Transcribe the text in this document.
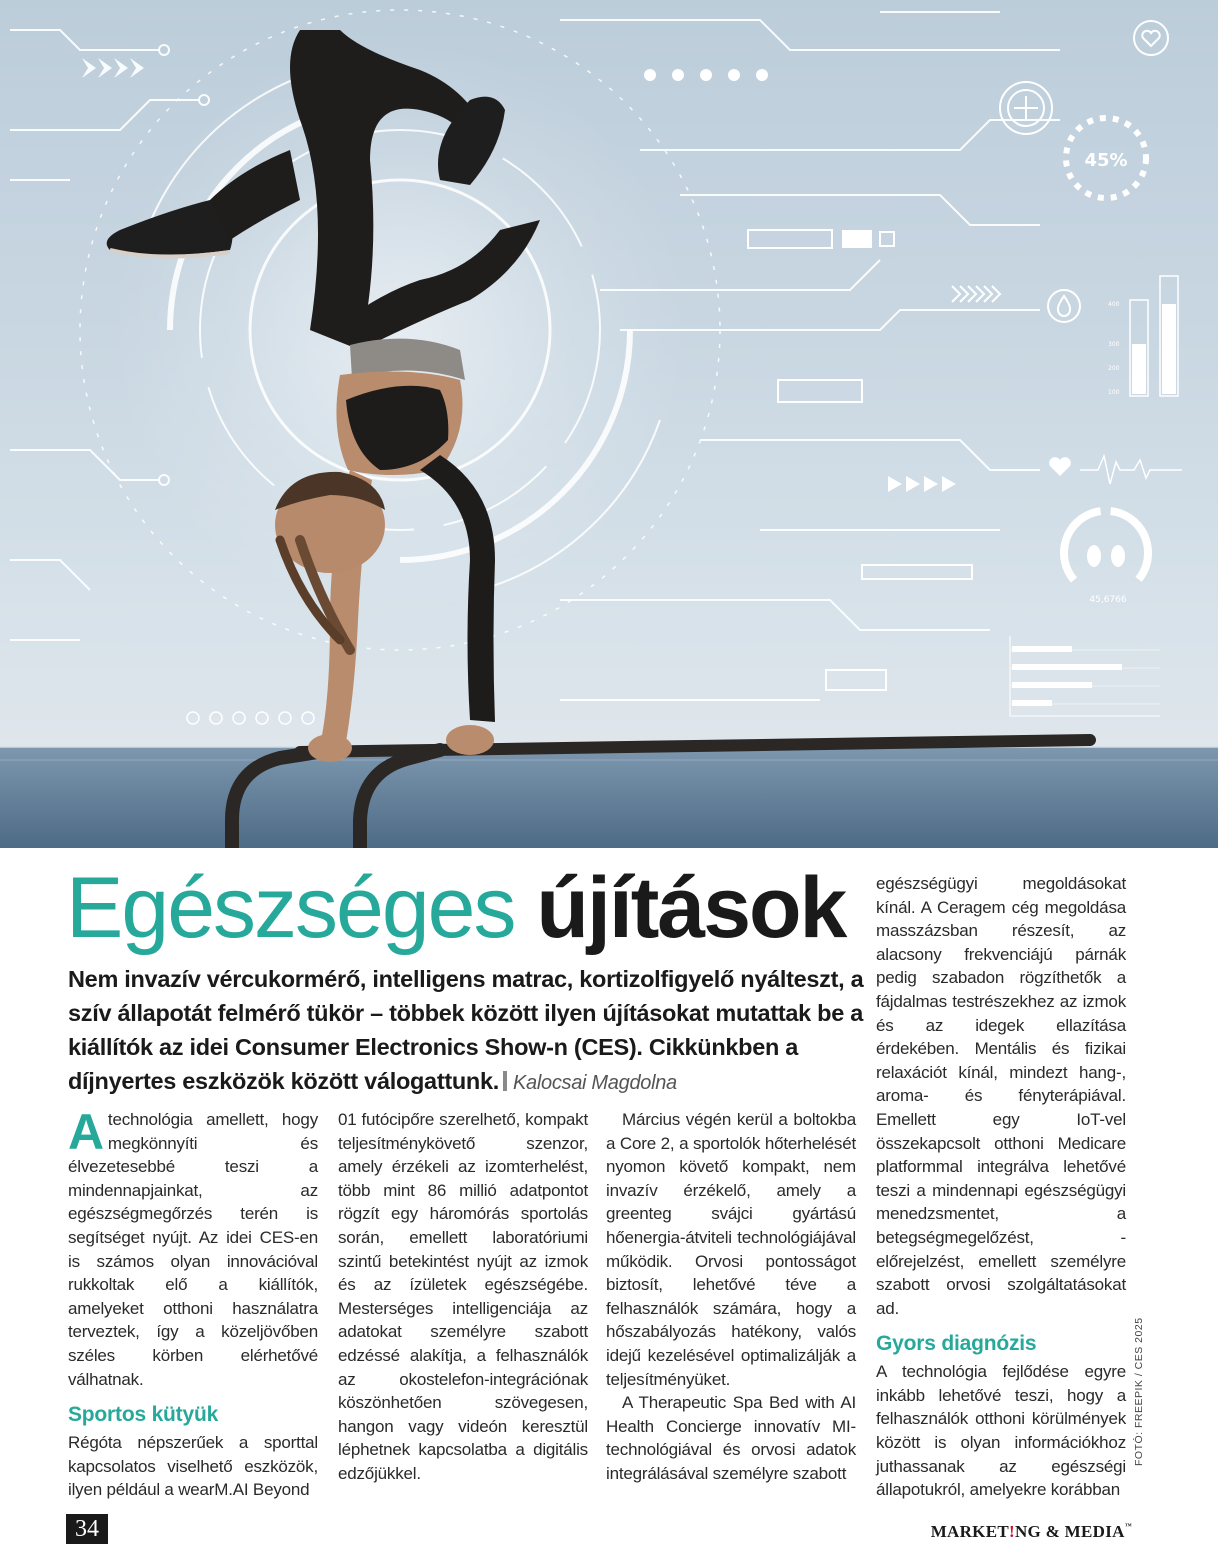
45%
400
300
200
100
45,6766
Egészséges újítások
Nem invazív vércukormérő, intelligens matrac, kortizolfigyelő nyálteszt, a szív állapotát felmérő tükör – többek között ilyen újításokat mutattak be a kiállítók az idei Consumer Electronics Show-n (CES). Cikkünkben a díjnyertes eszközök között válogattunk. Kalocsai Magdolna

Atechnológia amellett, hogy megkönnyíti és élvezetesebbé teszi a mindennapjainkat, az egészségmegőrzés terén is segítséget nyújt. Az idei CES-en is számos olyan innovációval rukkoltak elő a kiállítók, amelyeket otthoni használatra terveztek, így a közeljövőben széles körben elérhetővé válhatnak.

Sportos kütyük

Régóta népszerűek a sporttal kapcsolatos viselhető eszközök, ilyen például a wearM.AI Beyond

01 futócipőre szerelhető, kompakt teljesítménykövető szenzor, amely érzékeli az izomterhelést, több mint 86 millió adatpontot rögzít egy háromórás sportolás során, emellett laboratóriumi szintű betekintést nyújt az izmok és az ízületek egészségébe. Mesterséges intelligenciája az adatokat személyre szabott edzéssé alakítja, a felhasználók az okostelefon-integrációnak köszönhetően szövegesen, hangon vagy videón keresztül léphetnek kapcsolatba a digitális edzőjükkel.

Március végén kerül a boltokba a Core 2, a sportolók hőterhelését nyomon követő kompakt, nem invazív érzékelő, amely a greenteg svájci gyártású hőenergia-átviteli technológiájával működik. Orvosi pontosságot biztosít, lehetővé téve a felhasználók számára, hogy a hőszabályozás hatékony, valós idejű kezelésével optimalizálják a teljesítményüket.

A Therapeutic Spa Bed with AI Health Concierge innovatív MI-technológiával és orvosi adatok integrálásával személyre szabott

egészségügyi megoldásokat kínál. A Ceragem cég megoldása masszázsban részesít, az alacsony frekvenciájú párnák pedig szabadon rögzíthetők a fájdalmas testrészekhez az izmok és az idegek ellazítása érdekében. Mentális és fizikai relaxációt kínál, mindezt hang-, aroma- és fényterápiával. Emellett egy IoT-vel összekapcsolt otthoni Medicare platformmal integrálva lehetővé teszi a mindennapi egészségügyi menedzsmentet, a betegségmegelőzést, -előrejelzést, emellett személyre szabott orvosi szolgáltatásokat ad.

Gyors diagnózis

A technológia fejlődése egyre inkább lehetővé teszi, hogy a felhasználók otthoni körülmények között is olyan információkhoz juthassanak az egészségi állapotukról, amelyekre korábban

FOTÓ: FREEPIK / CES 2025
34	MARKET!NG & MEDIA™
